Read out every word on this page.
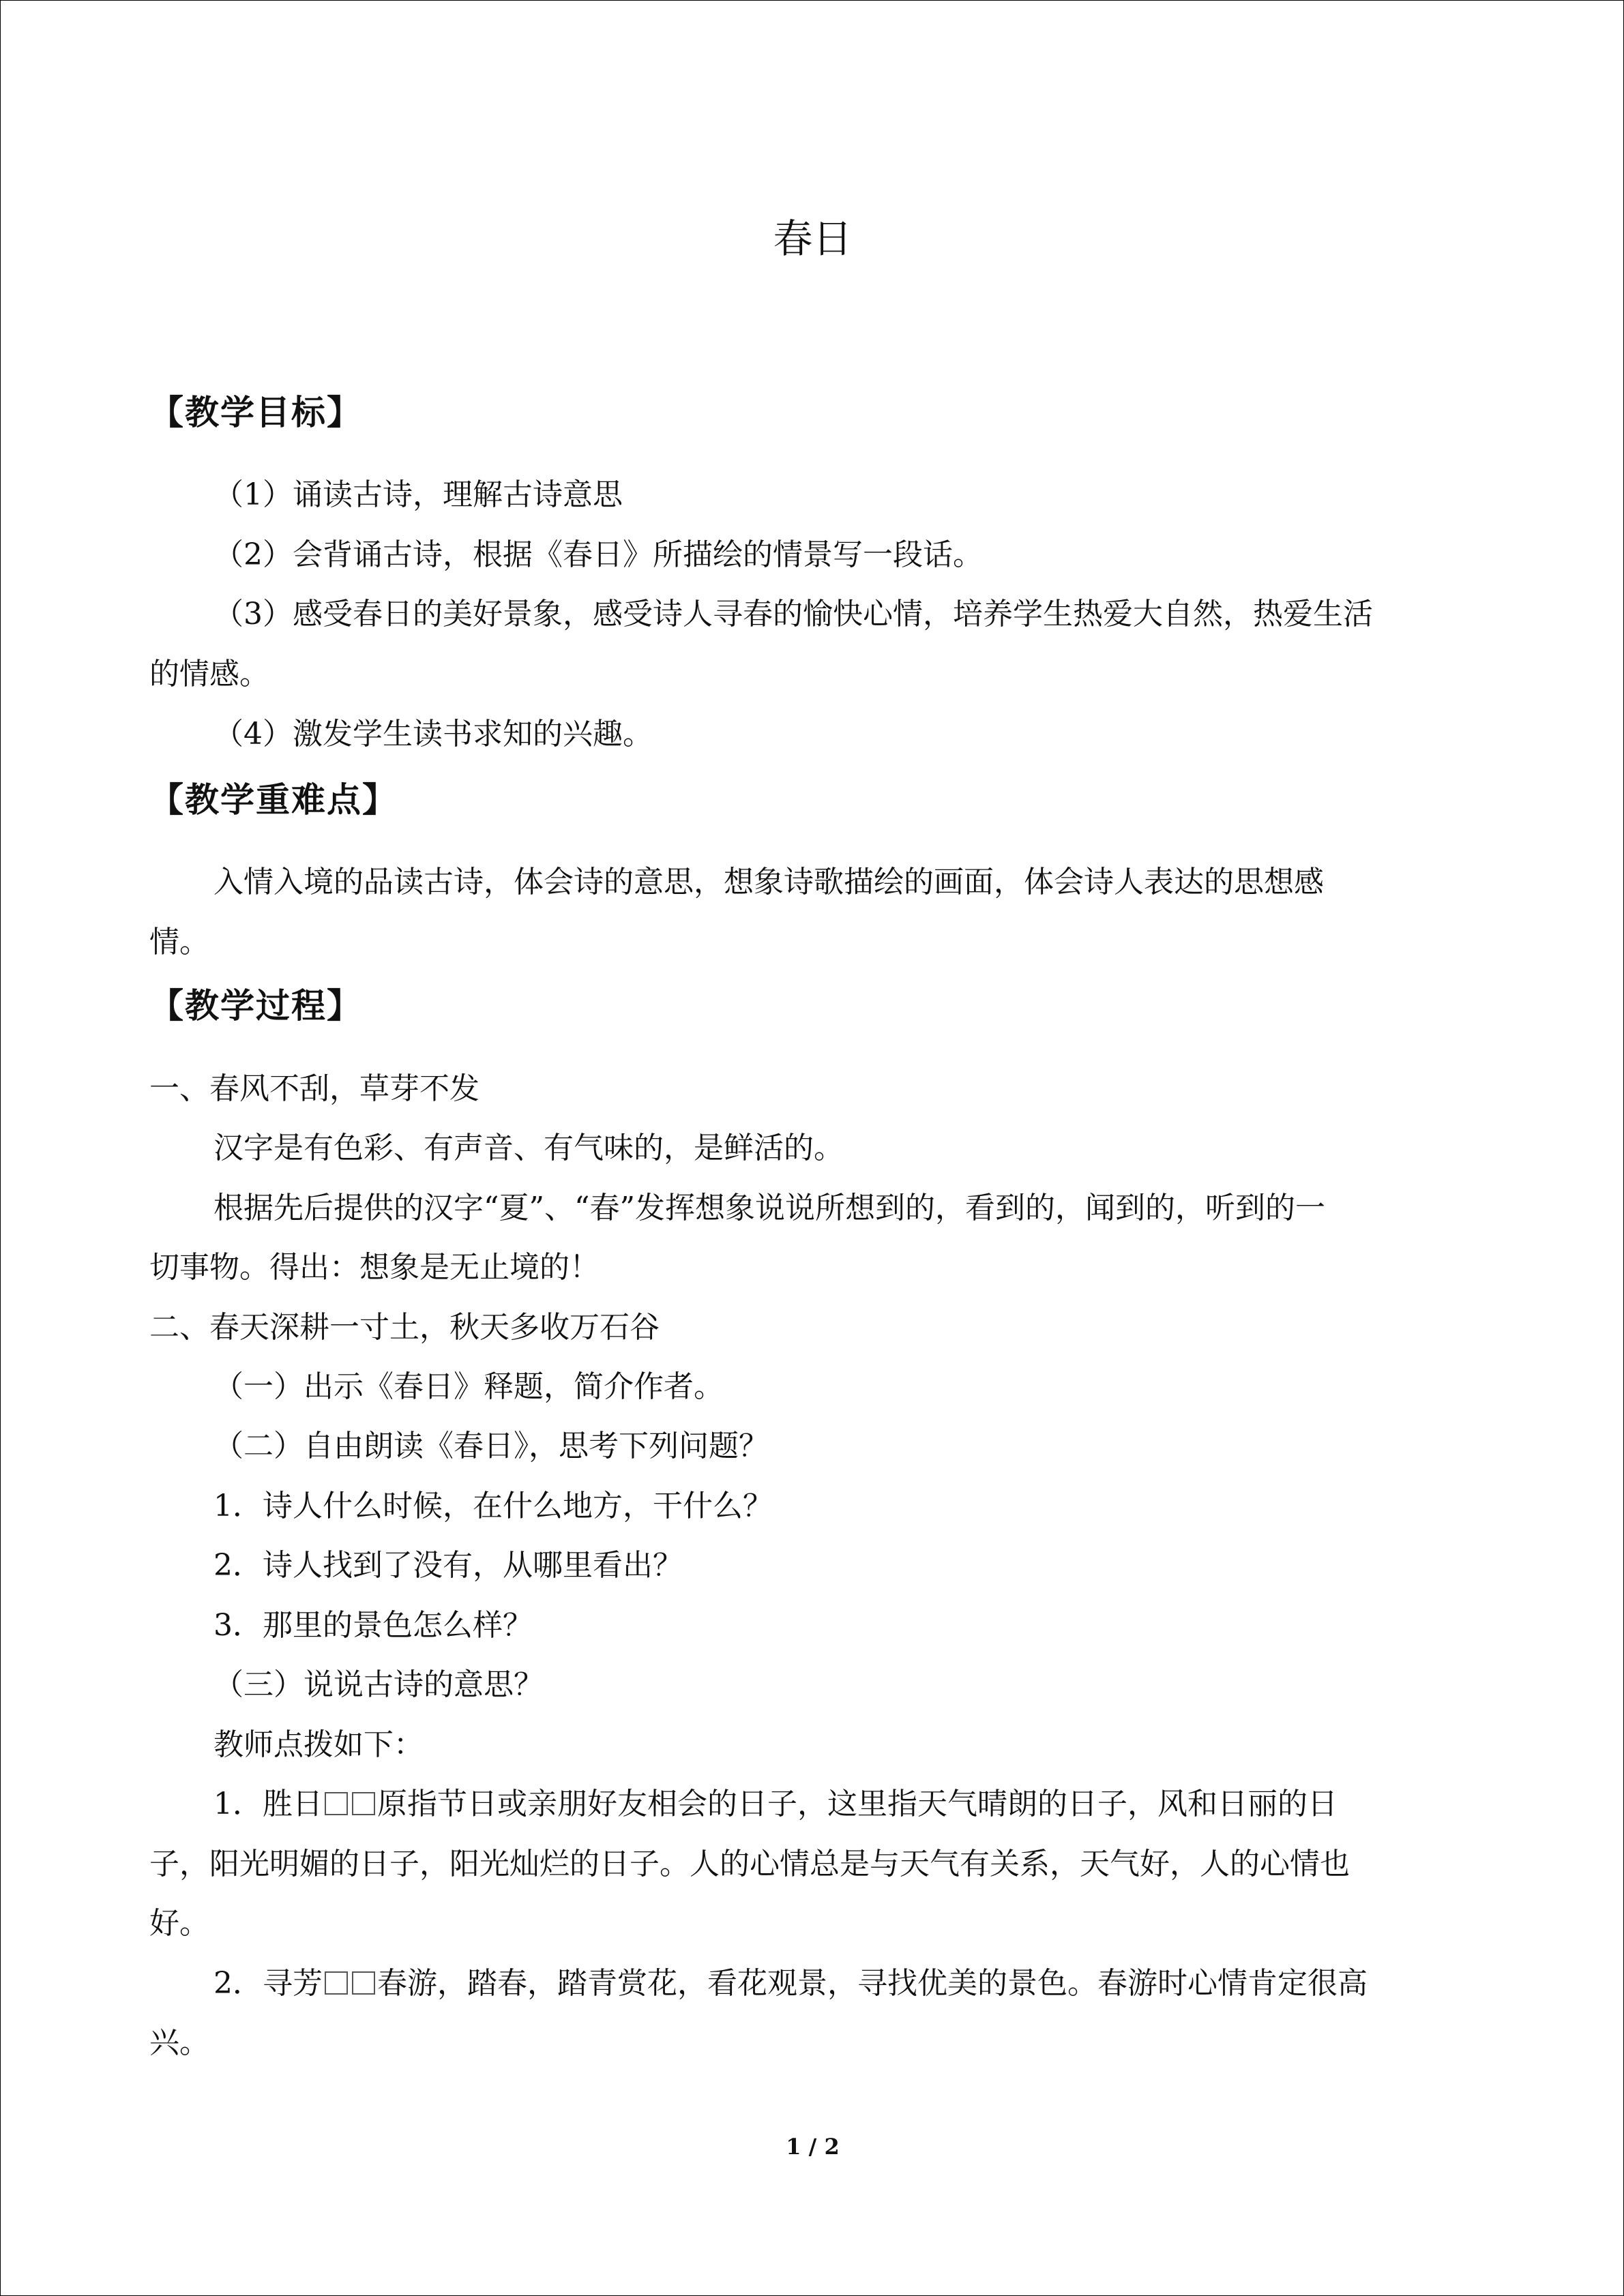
春日
【教学目标】
（1）诵读古诗，理解古诗意思
（2）会背诵古诗，根据《春日》所描绘的情景写一段话。
（3）感受春日的美好景象，感受诗人寻春的愉快心情，培养学生热爱大自然，热爱生活
的情感。
（4）激发学生读书求知的兴趣。
【教学重难点】
入情入境的品读古诗，体会诗的意思，想象诗歌描绘的画面，体会诗人表达的思想感
情。
【教学过程】
一、春风不刮，草芽不发
汉字是有色彩、有声音、有气味的，是鲜活的。
根据先后提供的汉字“夏”、“春”发挥想象说说所想到的，看到的，闻到的，听到的一
切事物。得出：想象是无止境的！
二、春天深耕一寸土，秋天多收万石谷
（一）出示《春日》释题，简介作者。
（二）自由朗读《春日》，思考下列问题？
1．诗人什么时候，在什么地方，干什么？
2．诗人找到了没有，从哪里看出？
3．那里的景色怎么样？
（三）说说古诗的意思？
教师点拨如下：
1．胜日 原指节日或亲朋好友相会的日子，这里指天气晴朗的日子，风和日丽的日
子，阳光明媚的日子，阳光灿烂的日子。人的心情总是与天气有关系，天气好，人的心情也
好。
2．寻芳 春游，踏春，踏青赏花，看花观景，寻找优美的景色。春游时心情肯定很高
兴。
1 / 2
